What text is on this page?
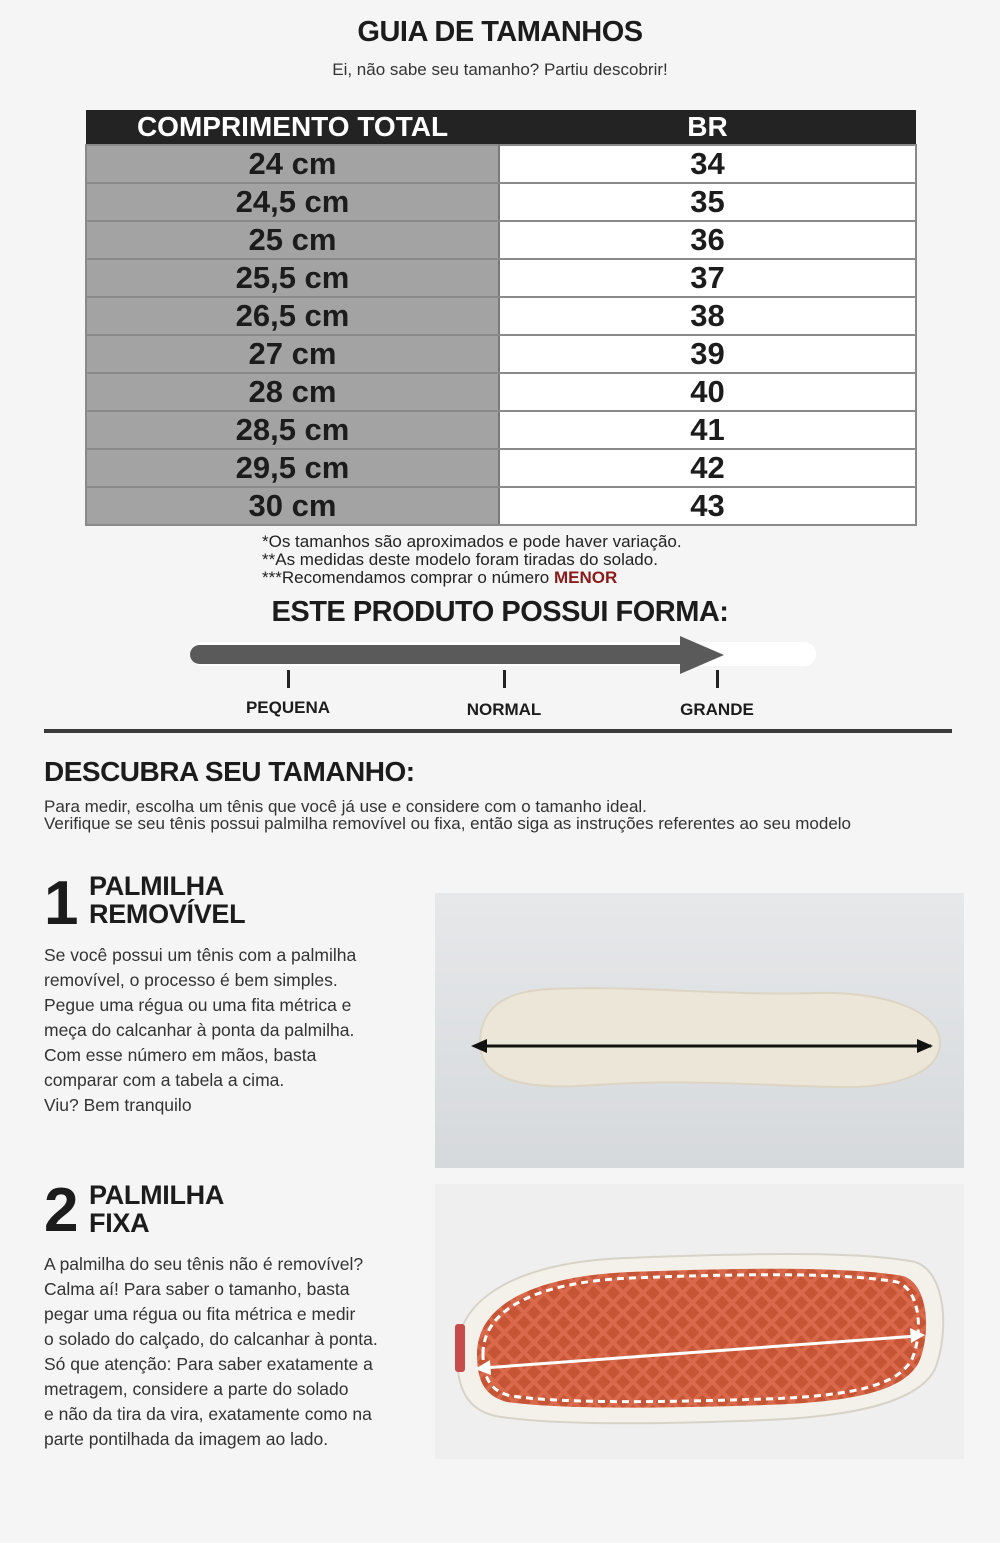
GUIA DE TAMANHOS
Ei, não sabe seu tamanho? Partiu descobrir!
COMPRIMENTO TOTAL	BR
24 cm	34
24,5 cm	35
25 cm	36
25,5 cm	37
26,5 cm	38
27 cm	39
28 cm	40
28,5 cm	41
29,5 cm	42
30 cm	43
*Os tamanhos são aproximados e pode haver variação.
**As medidas deste modelo foram tiradas do solado.
***Recomendamos comprar o número MENOR
ESTE PRODUTO POSSUI FORMA:
PEQUENA	NORMAL	GRANDE
DESCUBRA SEU TAMANHO:
Para medir, escolha um tênis que você já use e considere com o tamanho ideal.
Verifique se seu tênis possui palmilha removível ou fixa, então siga as instruções referentes ao seu modelo
1 PALMILHA
REMOVÍVEL
Se você possui um tênis com a palmilha
removível, o processo é bem simples.
Pegue uma régua ou uma fita métrica e
meça do calcanhar à ponta da palmilha.
Com esse número em mãos, basta
comparar com a tabela a cima.
Viu? Bem tranquilo
2 PALMILHA
FIXA
A palmilha do seu tênis não é removível?
Calma aí! Para saber o tamanho, basta
pegar uma régua ou fita métrica e medir
o solado do calçado, do calcanhar à ponta.
Só que atenção: Para saber exatamente a
metragem, considere a parte do solado
e não da tira da vira, exatamente como na
parte pontilhada da imagem ao lado.
